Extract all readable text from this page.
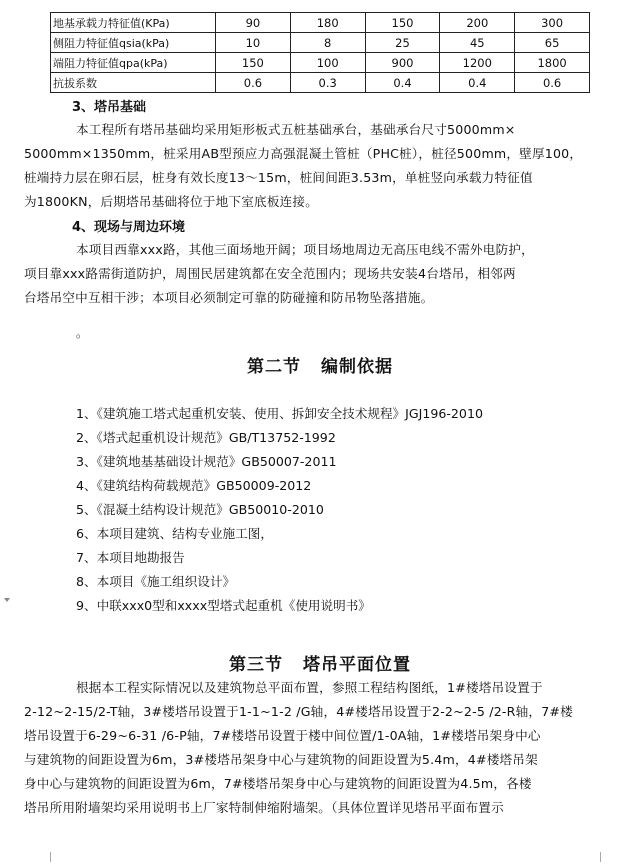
地基承载力特征值(KPa)	90	180	150	200	300
侧阻力特征值qsia(kPa)	10	8	25	45	65
端阻力特征值qpa(kPa)	150	100	900	1200	1800
抗拔系数	0.6	0.3	0.4	0.4	0.6
3、塔吊基础
本工程所有塔吊基础均采用矩形板式五桩基础承台，基础承台尺寸5000mm×
5000mm×1350mm，桩采用AB型预应力高强混凝土管桩（PHC桩），桩径500mm，壁厚100，
桩端持力层在卵石层，桩身有效长度13～15m，桩间间距3.53m，单桩竖向承载力特征值
为1800KN，后期塔吊基础将位于地下室底板连接。
4、现场与周边环境
本项目西靠xxx路，其他三面场地开阔；项目场地周边无高压电线不需外电防护，
项目靠xxx路需街道防护，周围民居建筑都在安全范围内；现场共安装4台塔吊，相邻两
台塔吊空中互相干涉；本项目必须制定可靠的防碰撞和防吊物坠落措施。
。
第二节 编制依据
1、《建筑施工塔式起重机安装、使用、拆卸安全技术规程》JGJ196-2010
2、《塔式起重机设计规范》GB/T13752-1992
3、《建筑地基基础设计规范》GB50007-2011
4、《建筑结构荷载规范》GB50009-2012
5、《混凝土结构设计规范》GB50010-2010
6、本项目建筑、结构专业施工图，
7、本项目地勘报告
8、本项目《施工组织设计》
9、中联xxx0型和xxxx型塔式起重机《使用说明书》
第三节 塔吊平面位置
根据本工程实际情况以及建筑物总平面布置，参照工程结构图纸，1#楼塔吊设置于
2-12~2-15/2-T轴，3#楼塔吊设置于1-1~1-2 /G轴，4#楼塔吊设置于2-2~2-5 /2-R轴，7#楼
塔吊设置于6-29~6-31 /6-P轴，7#楼塔吊设置于楼中间位置/1-0A轴，1#楼塔吊架身中心
与建筑物的间距设置为6m，3#楼塔吊架身中心与建筑物的间距设置为5.4m，4#楼塔吊架
身中心与建筑物的间距设置为6m，7#楼塔吊架身中心与建筑物的间距设置为4.5m，各楼
塔吊所用附墙架均采用说明书上厂家特制伸缩附墙架。（具体位置详见塔吊平面布置示
